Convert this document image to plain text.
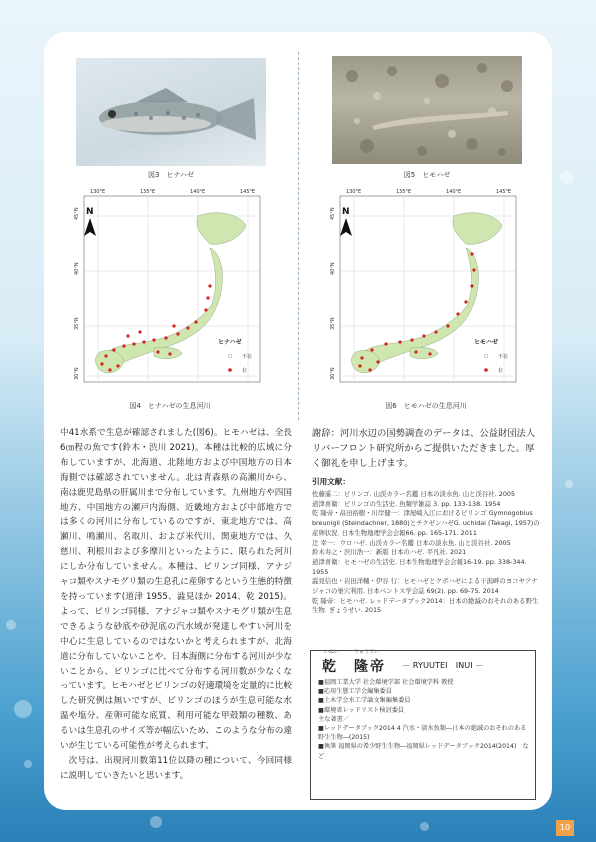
図3　ヒナハゼ	図5　ヒモハゼ
130°E	135°E	140°E	145°E
45°N
40°N
35°N
30°N
N
ヒナハゼ
不在
在
図4　ヒナハゼの生息河川
130°E	135°E	140°E	145°E
45°N
40°N
35°N
30°N
N
ヒモハゼ
不在
在
図6　ヒモハゼの生息河川

中41水系で生息が確認されました(図6)。ヒモハゼは、全長6㎝程の魚です(鈴木・渋川 2021)。本種は比較的広域に分布していますが、北海道、北陸地方および中国地方の日本海側では確認されていません。北は青森県の高瀬川から、南は鹿児島県の肝属川まで分布しています。九州地方や四国地方、中国地方の瀬戸内海側、近畿地方および中部地方では多くの河川に分布しているのですが、東北地方では、高瀬川、鳴瀬川、名取川、および米代川、関東地方では、久慈川、利根川および多摩川といったように、限られた河川にしか分布していません。本種は、ビリンゴ同様、アナジャコ類やスナモグリ類の生息孔に産卵するという生態的特徴を持っています(道津 1955、澁見ほか 2014、乾 2015)。よって、ビリンゴ同様、アナジャコ類やスナモグリ類が生息できるような砂底や砂泥底の汽水域が発達しやすい河川を中心に生息しているのではないかと考えられますが、北海道に分布していないことや、日本海側に分布する河川が少ないことから、ビリンゴに比べて分布する河川数が少なくなっています。ヒモハゼとビリンゴの好適環境を定量的に比較した研究例は無いですが、ビリンゴのほうが生息可能な水温や塩分、産卵可能な底質、利用可能な甲殻類の種数、あるいは生息孔のサイズ等が幅広いため、このような分布の違いが生じている可能性が考えられます。

次号は、出現河川数第11位以降の種について、今回同様に説明していきたいと思います。

謝辞：河川水辺の国勢調査のデータは、公益財団法人 リバーフロント研究所からご提供いただきました。厚く御礼を申し上げます。
引用文献：
佐藤遥二：ビリンゴ. 山渓カラー名鑑 日本の淡水魚. 山と渓谷社. 2005
道津喜衛：ビリンゴの生活史. 魚類学雑誌 3. pp. 133-138. 1954
乾 隆帝・畠田裕樹・川岸健一：津屋崎入江におけるビリンゴ Gymnogobius breunigii (Steindachner, 1880)とチクゼンハゼG. uchidai (Takagi, 1957)の産卵状況. 日本生物地理学会会報66. pp. 165-171. 2011
辻 幸一：ウロハゼ. 山渓カラー名鑑 日本の淡水魚. 山と渓谷社. 2005
鈴木寿之・渋川浩一：新版 日本のハゼ. 平凡社. 2021
道津喜衛：ヒモハゼの生活史. 日本生物地理学会会報16-19. pp. 338-344. 1955
澁見信也・岩田洋輔・伊谷 行：ヒモハゼとクボハゼによる干潟畔のヨコヤアナジャコの巣穴利用. 日本ベントス学会誌 69(2). pp. 69-75. 2014
乾 隆帝：ヒモハゼ. レッドデータブック2014：日本の絶滅のおそれのある野生生物. ぎょうせい. 2015
いぬい	りゅうてい
乾　隆帝 － RYUUTEI　INUI －
■福岡工業大学 社会環境学部 社会環境学科 教授
■応用生態工学会編集委員
■土木学会水工学論文集編集委員
■環境省レッドリスト検討委員
主な著書／
■レッドデータブック2014 4 汽水・淡水魚類―日本の絶滅のおそれのある野生生物―(2015)
■執筆 福岡県の希少野生生物―福岡県レッドデータブック2014(2014)　など
10
